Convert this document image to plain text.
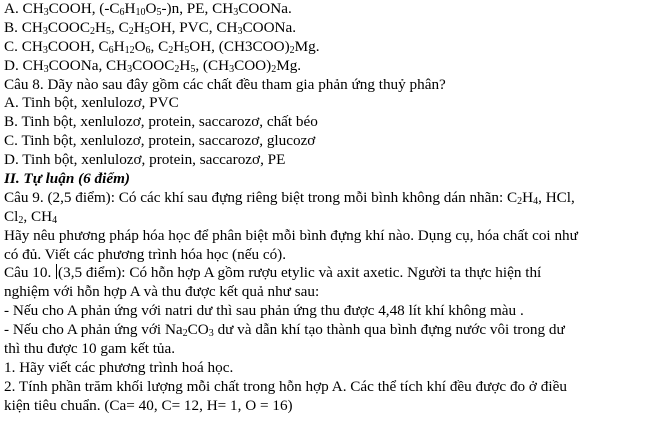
A. $CH_3COOH$, $(-C_6H_{10}O_5-)n$, PE, $CH_3COONa$.
B. $CH_3COOC_2H_5$, $C_2H_5OH$, PVC, $CH_3COONa$.
C. $CH_3COOH$, $C_6H_{12}O_6$, $C_2H_5OH$, $(CH3COO)_2Mg$.
D. $CH_3COONa$, $CH_3COOC_2H_5$, $(CH_3COO)_2Mg$.
Câu 8. Dãy nào sau đây gồm các chất đều tham gia phản ứng thuỷ phân?
A. Tinh bột, xenlulozơ, PVC
B. Tinh bột, xenlulozơ, protein, saccarozơ, chất béo
C. Tinh bột, xenlulozơ, protein, saccarozơ, glucozơ
D. Tinh bột, xenlulozơ, protein, saccarozơ, PE
II. Tự luận (6 điểm)
Câu 9. (2,5 điểm): Có các khí sau đựng riêng biệt trong mỗi bình không dán nhãn: $C_2H_4$, HCl,
$Cl_2$, $CH_4$
Hãy nêu phương pháp hóa học để phân biệt mỗi bình đựng khí nào. Dụng cụ, hóa chất coi như
có đủ. Viết các phương trình hóa học (nếu có).
Câu 10. (3,5 điểm): Có hỗn hợp A gồm rượu etylic và axit axetic. Người ta thực hiện thí
nghiệm với hỗn hợp A và thu được kết quả như sau:
- Nếu cho A phản ứng với natri dư thì sau phản ứng thu được 4,48 lít khí không màu .
- Nếu cho A phản ứng với $Na_2CO_3$ dư và dẫn khí tạo thành qua bình đựng nước vôi trong dư
thì thu được 10 gam kết tủa.
1. Hãy viết các phương trình hoá học.
2. Tính phần trăm khối lượng mỗi chất trong hỗn hợp A. Các thể tích khí đều được đo ở điều
kiện tiêu chuẩn. (Ca= 40, C= 12, H= 1, O = 16)
